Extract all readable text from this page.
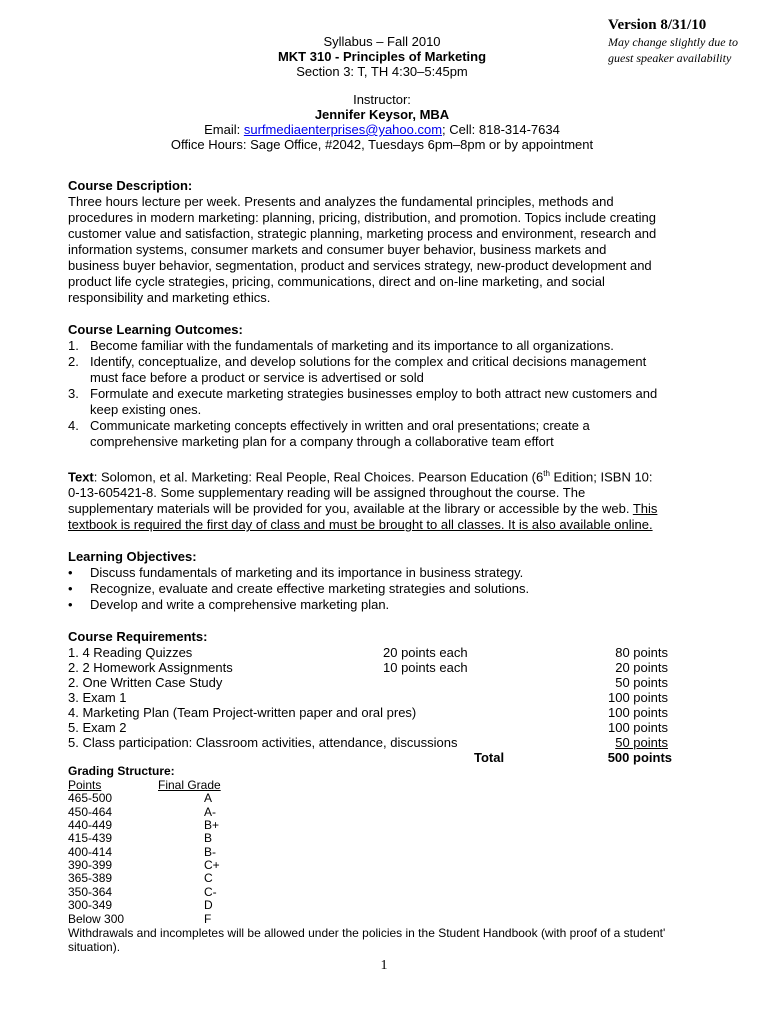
Version 8/31/10
May change slightly due to
guest speaker availability
Syllabus – Fall 2010
MKT 310 - Principles of Marketing
Section 3: T, TH 4:30–5:45pm
Instructor:
Jennifer Keysor, MBA
Email: surfmediaenterprises@yahoo.com; Cell: 818-314-7634
Office Hours: Sage Office, #2042, Tuesdays 6pm–8pm or by appointment
Course Description:
Three hours lecture per week. Presents and analyzes the fundamental principles, methods and
procedures in modern marketing: planning, pricing, distribution, and promotion. Topics include creating
customer value and satisfaction, strategic planning, marketing process and environment, research and
information systems, consumer markets and consumer buyer behavior, business markets and
business buyer behavior, segmentation, product and services strategy, new-product development and
product life cycle strategies, pricing, communications, direct and on-line marketing, and social
responsibility and marketing ethics.
Course Learning Outcomes:
1. Become familiar with the fundamentals of marketing and its importance to all organizations.
2. Identify, conceptualize, and develop solutions for the complex and critical decisions management
must face before a product or service is advertised or sold
3. Formulate and execute marketing strategies businesses employ to both attract new customers and
keep existing ones.
4. Communicate marketing concepts effectively in written and oral presentations; create a
comprehensive marketing plan for a company through a collaborative team effort
Text: Solomon, et al. Marketing: Real People, Real Choices. Pearson Education (6th Edition; ISBN 10:
0-13-605421-8. Some supplementary reading will be assigned throughout the course. The
supplementary materials will be provided for you, available at the library or accessible by the web. This
textbook is required the first day of class and must be brought to all classes. It is also available online.
Learning Objectives:
• Discuss fundamentals of marketing and its importance in business strategy.
• Recognize, evaluate and create effective marketing strategies and solutions.
• Develop and write a comprehensive marketing plan.
Course Requirements:
1. 4 Reading Quizzes	20 points each	80 points
2. 2 Homework Assignments	10 points each	20 points
2. One Written Case Study	50 points
3. Exam 1	100 points
4. Marketing Plan (Team Project-written paper and oral pres)	100 points
5. Exam 2	100 points
5. Class participation: Classroom activities, attendance, discussions	50 points
Total	500 points
Grading Structure:
Points	Final Grade
465-500	A
450-464	A-
440-449	B+
415-439	B
400-414	B-
390-399	C+
365-389	C
350-364	C-
300-349	D
Below 300	F
Withdrawals and incompletes will be allowed under the policies in the Student Handbook (with proof of a student'
situation).
1
